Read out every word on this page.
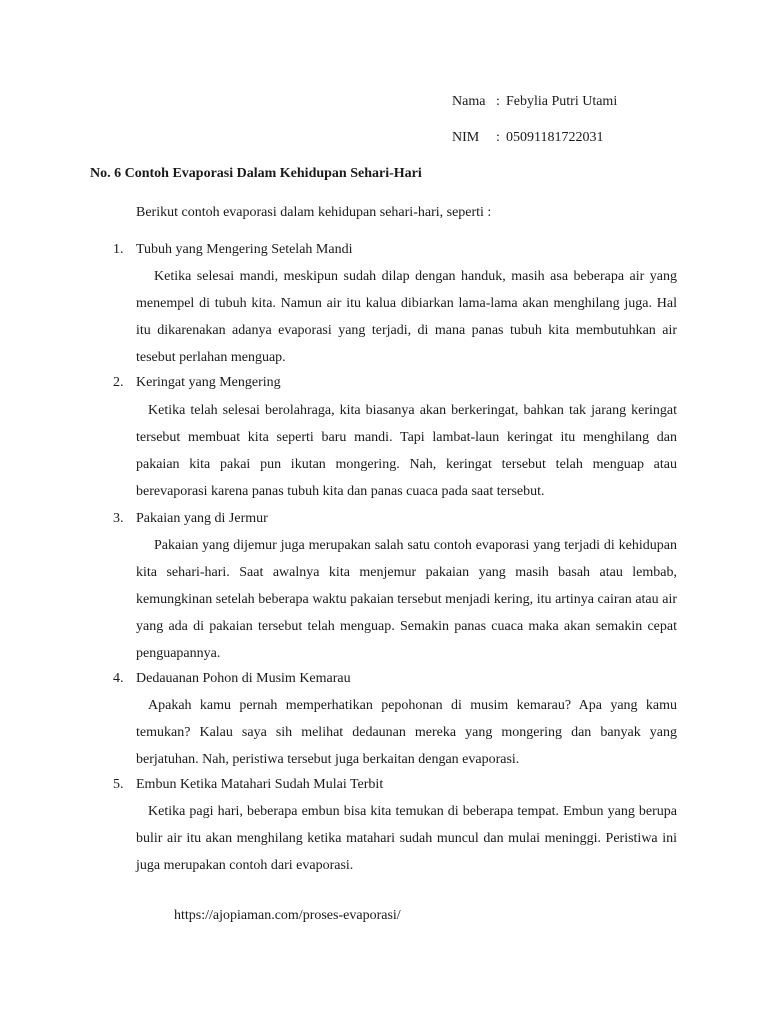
Nama : Febylia Putri Utami
NIM : 05091181722031
No. 6 Contoh Evaporasi Dalam Kehidupan Sehari-Hari
Berikut contoh evaporasi dalam kehidupan sehari-hari, seperti :
1. Tubuh yang Mengering Setelah Mandi

Ketika selesai mandi, meskipun sudah dilap dengan handuk, masih asa beberapa air yang menempel di tubuh kita. Namun air itu kalua dibiarkan lama-lama akan menghilang juga. Hal itu dikarenakan adanya evaporasi yang terjadi, di mana panas tubuh kita membutuhkan air tesebut perlahan menguap.

2. Keringat yang Mengering

Ketika telah selesai berolahraga, kita biasanya akan berkeringat, bahkan tak jarang keringat tersebut membuat kita seperti baru mandi. Tapi lambat-laun keringat itu menghilang dan pakaian kita pakai pun ikutan mongering. Nah, keringat tersebut telah menguap atau berevaporasi karena panas tubuh kita dan panas cuaca pada saat tersebut.

3. Pakaian yang di Jermur

Pakaian yang dijemur juga merupakan salah satu contoh evaporasi yang terjadi di kehidupan kita sehari-hari. Saat awalnya kita menjemur pakaian yang masih basah atau lembab, kemungkinan setelah beberapa waktu pakaian tersebut menjadi kering, itu artinya cairan atau air yang ada di pakaian tersebut telah menguap. Semakin panas cuaca maka akan semakin cepat penguapannya.

4. Dedauanan Pohon di Musim Kemarau

Apakah kamu pernah memperhatikan pepohonan di musim kemarau? Apa yang kamu temukan? Kalau saya sih melihat dedaunan mereka yang mongering dan banyak yang berjatuhan. Nah, peristiwa tersebut juga berkaitan dengan evaporasi.

5. Embun Ketika Matahari Sudah Mulai Terbit

Ketika pagi hari, beberapa embun bisa kita temukan di beberapa tempat. Embun yang berupa bulir air itu akan menghilang ketika matahari sudah muncul dan mulai meninggi. Peristiwa ini juga merupakan contoh dari evaporasi.

https://ajopiaman.com/proses-evaporasi/
